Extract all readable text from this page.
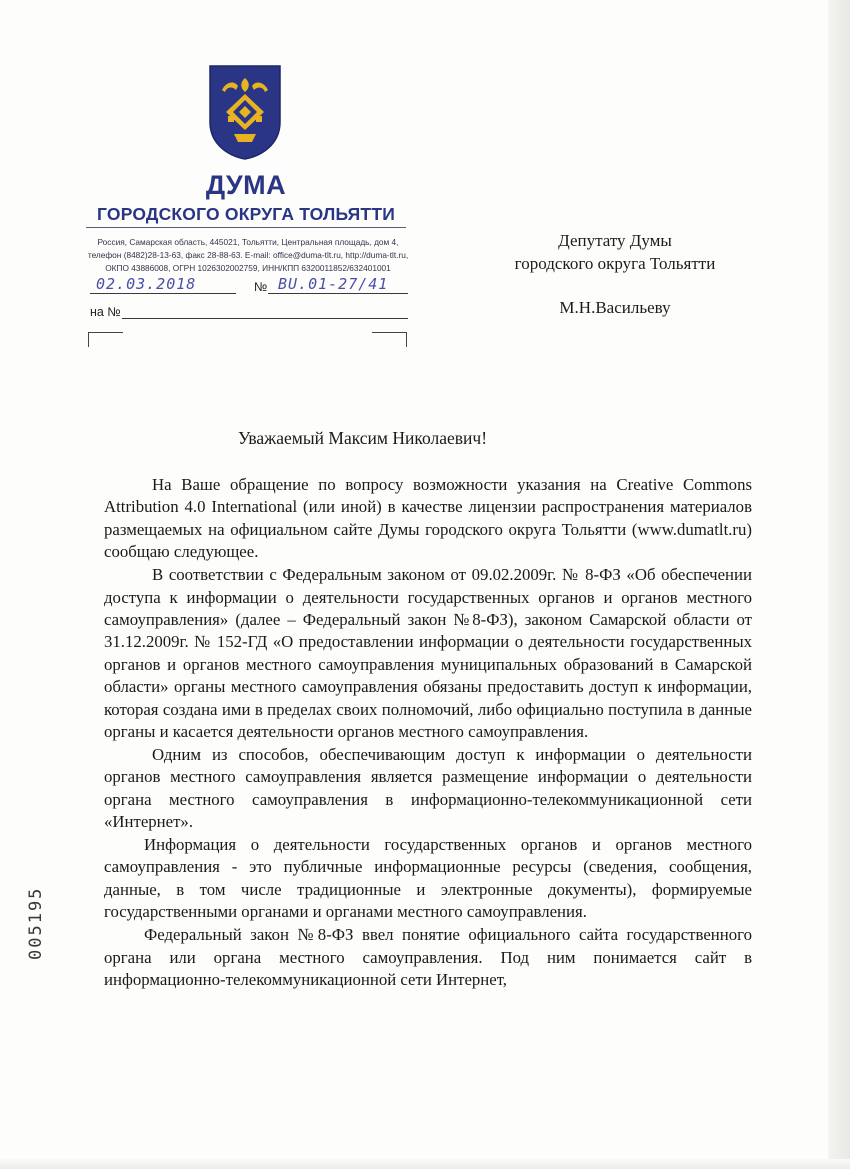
ДУМА
ГОРОДСКОГО ОКРУГА ТОЛЬЯТТИ
Россия, Самарская область, 445021, Тольятти, Центральная площадь, дом 4,
телефон (8482)28-13-63, факс 28-88-63. E-mail: office@duma-tlt.ru, http://duma-tlt.ru,
ОКПО 43886008, ОГРН 1026302002759, ИНН/КПП 6320011852/632401001
02.03.2018	№ BU.01-27/41
на №
Депутату Думы
городского округа Тольятти
М.Н.Васильеву
Уважаемый Максим Николаевич!

На Ваше обращение по вопросу возможности указания на Creative Commons Attribution 4.0 International (или иной) в качестве лицензии распространения материалов размещаемых на официальном сайте Думы городского округа Тольятти (www.dumatlt.ru) сообщаю следующее.

В соответствии с Федеральным законом от 09.02.2009г. № 8-ФЗ «Об обеспечении доступа к информации о деятельности государственных органов и органов местного самоуправления» (далее – Федеральный закон №8-ФЗ), законом Самарской области от 31.12.2009г. № 152-ГД «О предоставлении информации о деятельности государственных органов и органов местного самоуправления муниципальных образований в Самарской области» органы местного самоуправления обязаны предоставить доступ к информации, которая создана ими в пределах своих полномочий, либо официально поступила в данные органы и касается деятельности органов местного самоуправления.

Одним из способов, обеспечивающим доступ к информации о деятельности органов местного самоуправления является размещение информации о деятельности органа местного самоуправления в информационно-телекоммуникационной сети «Интернет».

Информация о деятельности государственных органов и органов местного самоуправления - это публичные информационные ресурсы (сведения, сообщения, данные, в том числе традиционные и электронные документы), формируемые государственными органами и органами местного самоуправления.

Федеральный закон №8-ФЗ ввел понятие официального сайта государственного органа или органа местного самоуправления. Под ним понимается сайт в информационно-телекоммуникационной сети Интернет,

005195
